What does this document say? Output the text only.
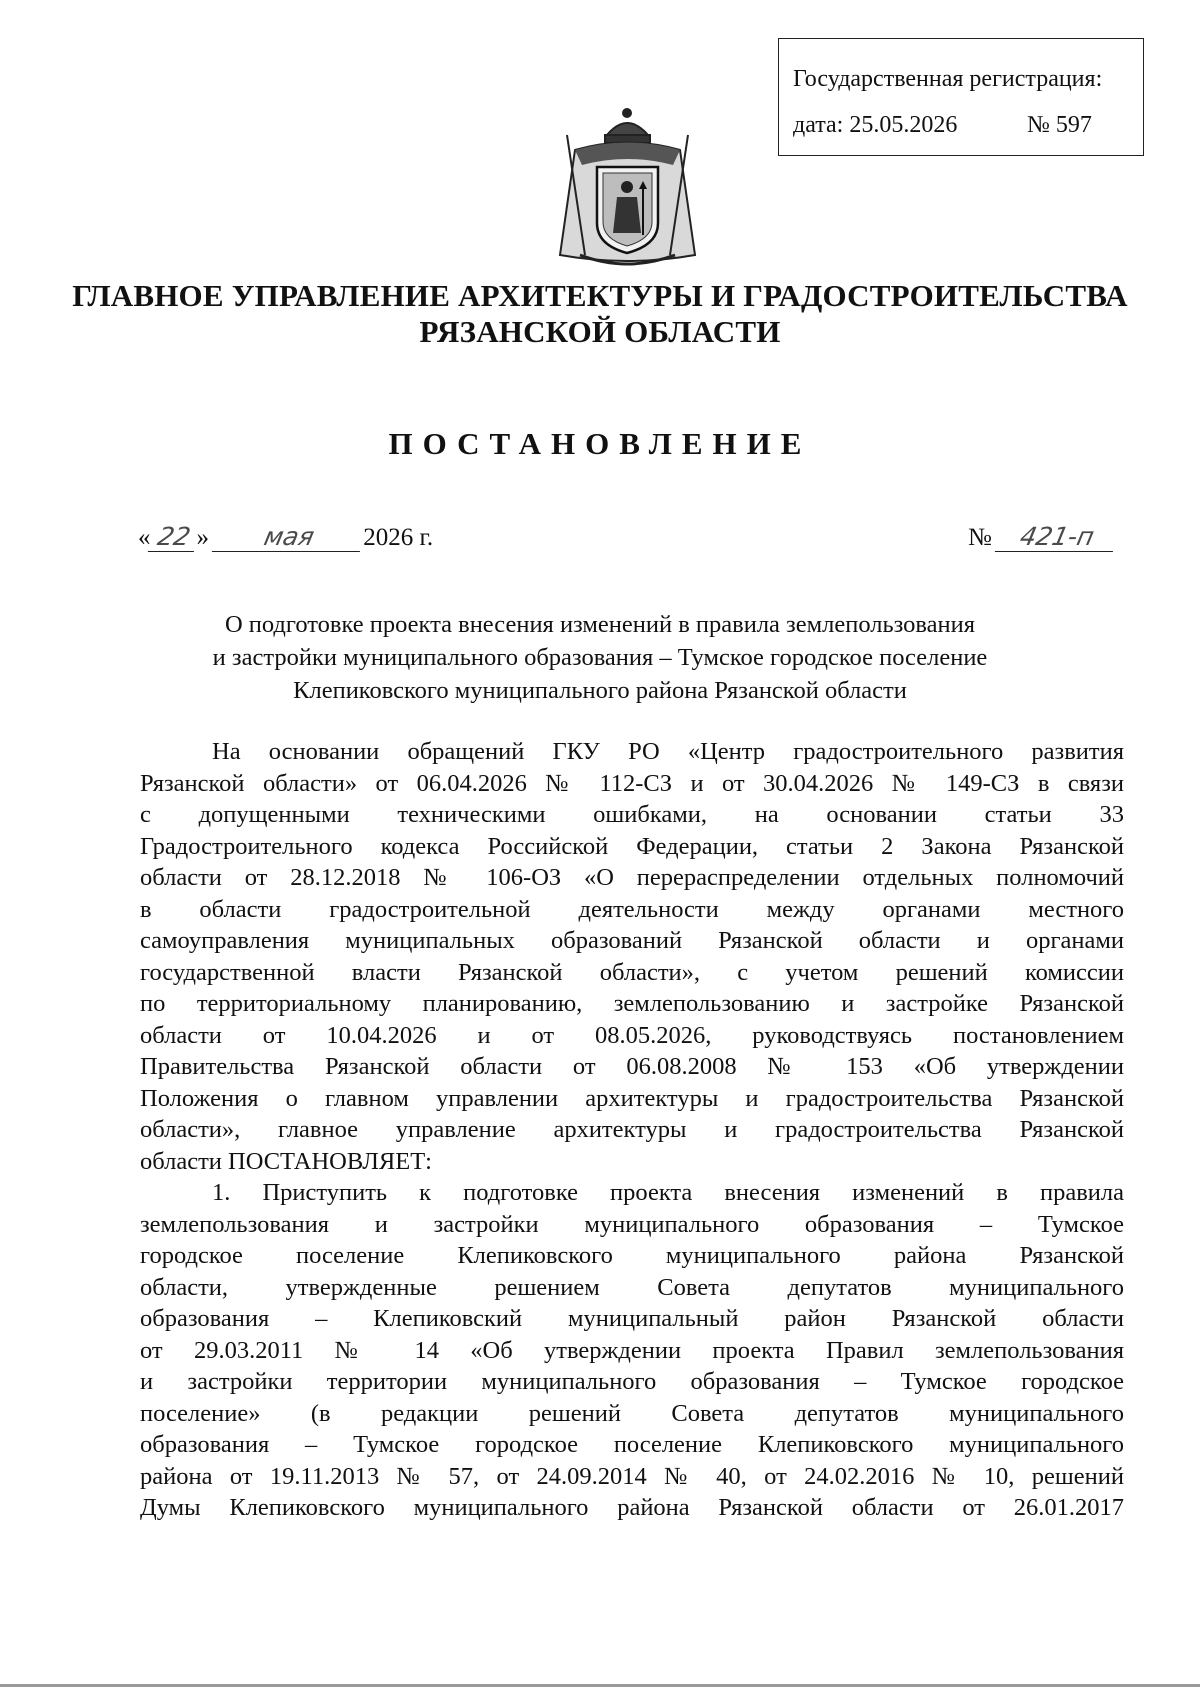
Государственная регистрация:
дата: 25.05.2026	№ 597
ГЛАВНОЕ УПРАВЛЕНИЕ АРХИТЕКТУРЫ И ГРАДОСТРОИТЕЛЬСТВА
РЯЗАНСКОЙ ОБЛАСТИ
ПОСТАНОВЛЕНИЕ
« 22 » мая 2026 г.	№ 421-п
О подготовке проекта внесения изменений в правила землепользования
и застройки муниципального образования – Тумское городское поселение
Клепиковского муниципального района Рязанской области
На основании обращений ГКУ РО «Центр градостроительного развития
Рязанской области» от 06.04.2026 № 112-СЗ и от 30.04.2026 № 149-СЗ в связи
с допущенными техническими ошибками, на основании статьи 33
Градостроительного кодекса Российской Федерации, статьи 2 Закона Рязанской
области от 28.12.2018 № 106-ОЗ «О перераспределении отдельных полномочий
в области градостроительной деятельности между органами местного
самоуправления муниципальных образований Рязанской области и органами
государственной власти Рязанской области», с учетом решений комиссии
по территориальному планированию, землепользованию и застройке Рязанской
области от 10.04.2026 и от 08.05.2026, руководствуясь постановлением
Правительства Рязанской области от 06.08.2008 № 153 «Об утверждении
Положения о главном управлении архитектуры и градостроительства Рязанской
области», главное управление архитектуры и градостроительства Рязанской
области ПОСТАНОВЛЯЕТ:
1. Приступить к подготовке проекта внесения изменений в правила
землепользования и застройки муниципального образования – Тумское
городское поселение Клепиковского муниципального района Рязанской
области, утвержденные решением Совета депутатов муниципального
образования – Клепиковский муниципальный район Рязанской области
от 29.03.2011 № 14 «Об утверждении проекта Правил землепользования
и застройки территории муниципального образования – Тумское городское
поселение» (в редакции решений Совета депутатов муниципального
образования – Тумское городское поселение Клепиковского муниципального
района от 19.11.2013 № 57, от 24.09.2014 № 40, от 24.02.2016 № 10, решений
Думы Клепиковского муниципального района Рязанской области от 26.01.2017
